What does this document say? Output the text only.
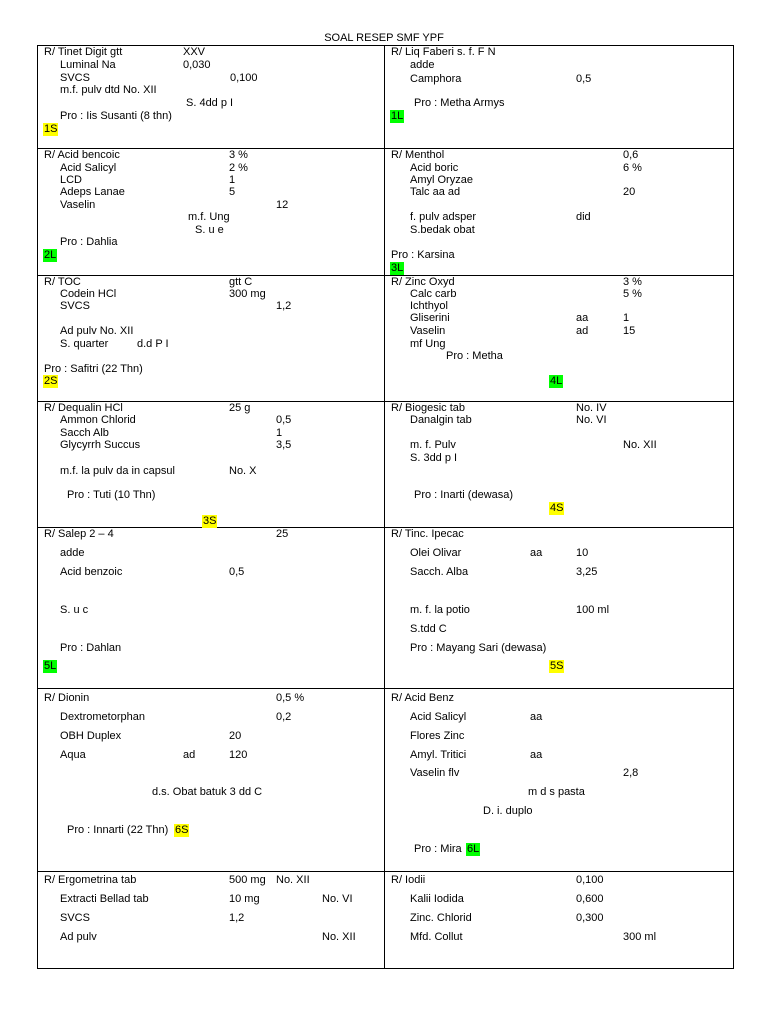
SOAL RESEP SMF YPF
R/ Tinet Digit gtt	XXV
Luminal Na	0,030
SVCS	0,100
m.f. pulv dtd No. XII
S. 4dd p I
Pro : Iis Susanti (8 thn)
1S
R/ Liq Faberi s. f. F N
adde
Camphora	0,5
Pro : Metha Armys
1L
R/ Acid bencoic	3 %
Acid Salicyl	2 %
LCD	1
Adeps Lanae	5
Vaselin	12
m.f. Ung
S. u e
Pro : Dahlia
2L
R/ Menthol	0,6
Acid boric	6 %
Amyl Oryzae
Talc aa ad	20
f. pulv adsper	did
S.bedak obat
Pro : Karsina
3L
R/ TOC	gtt C
Codein HCl	300 mg
SVCS	1,2
Ad pulv No. XII
S. quarter	d.d P I
Pro : Safitri (22 Thn)
2S
R/ Zinc Oxyd	3 %
Calc carb	5 %
Ichthyol
Gliserini	aa	1
Vaselin	ad	15
mf Ung
Pro : Metha
4L
R/ Dequalin HCl	25 g
Ammon Chlorid	0,5
Sacch Alb	1
Glycyrrh Succus	3,5
m.f. la pulv da in capsul	No. X
Pro : Tuti (10 Thn)
3S
R/ Biogesic tab	No. IV
Danalgin tab	No. VI
m. f. Pulv	No. XII
S. 3dd p I
Pro : Inarti (dewasa)
4S
R/ Salep 2 – 4	25
adde
Acid benzoic	0,5
S. u c
Pro : Dahlan
5L
R/ Tinc. Ipecac
Olei Olivar	aa	10
Sacch. Alba	3,25
m. f. la potio	100 ml
S.tdd C
Pro : Mayang Sari (dewasa)
5S
R/ Dionin	0,5 %
Dextrometorphan	0,2
OBH Duplex	20
Aqua	ad	120
d.s. Obat batuk 3 dd C
Pro : Innarti (22 Thn) 6S
R/ Acid Benz
Acid Salicyl	aa
Flores Zinc
Amyl. Tritici	aa
Vaselin flv	2,8
m d s pasta
D. i. duplo
Pro : Mira 6L
R/ Ergometrina tab	500 mg No. XII
Extracti Bellad tab	10 mg	No. VI
SVCS	1,2
Ad pulv	No. XII
R/ Iodii	0,100
Kalii Iodida	0,600
Zinc. Chlorid	0,300
Mfd. Collut	300 ml
